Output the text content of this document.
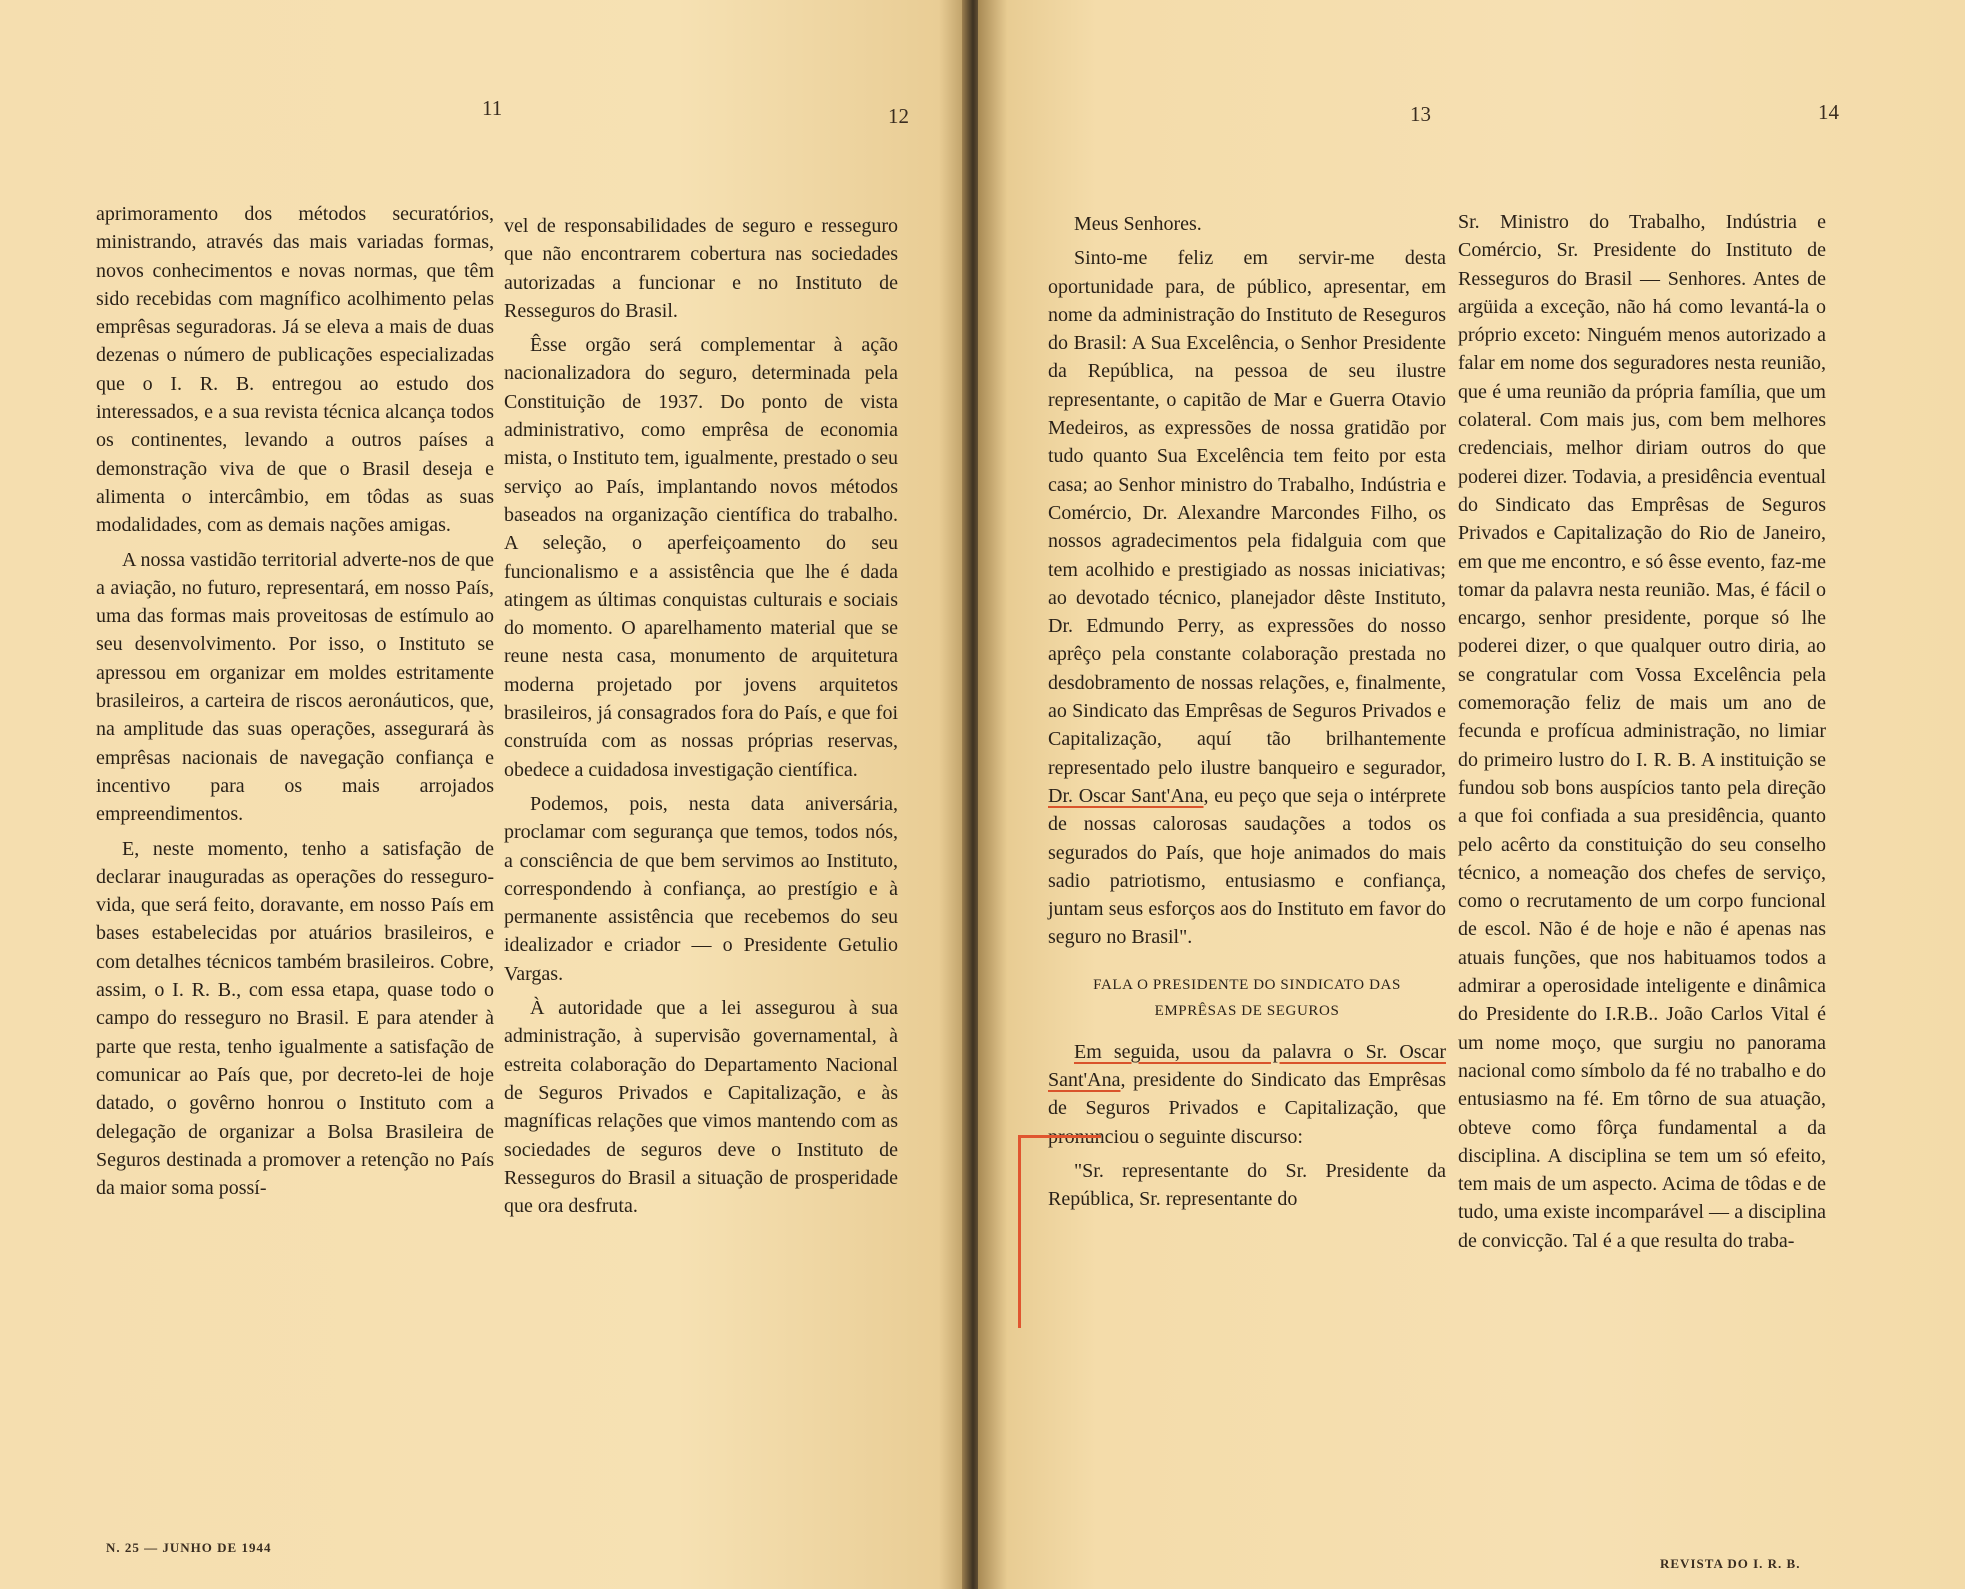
11	12

aprimoramento dos métodos securatórios, ministrando, através das mais variadas formas, novos conhecimentos e novas normas, que têm sido recebidas com magnífico acolhimento pelas emprêsas seguradoras. Já se eleva a mais de duas dezenas o número de publicações especializadas que o I. R. B. entregou ao estudo dos interessados, e a sua revista técnica alcança todos os continentes, levando a outros países a demonstração viva de que o Brasil deseja e alimenta o intercâmbio, em tôdas as suas modalidades, com as demais nações amigas.

A nossa vastidão territorial adverte-nos de que a aviação, no futuro, representará, em nosso País, uma das formas mais proveitosas de estímulo ao seu desenvolvimento. Por isso, o Instituto se apressou em organizar em moldes estritamente brasileiros, a carteira de riscos aeronáuticos, que, na amplitude das suas operações, assegurará às emprêsas nacionais de navegação confiança e incentivo para os mais arrojados empreendimentos.

E, neste momento, tenho a satisfação de declarar inauguradas as operações do resseguro-vida, que será feito, doravante, em nosso País em bases estabelecidas por atuários brasileiros, e com detalhes técnicos também brasileiros. Cobre, assim, o I. R. B., com essa etapa, quase todo o campo do resseguro no Brasil. E para atender à parte que resta, tenho igualmente a satisfação de comunicar ao País que, por decreto-lei de hoje datado, o govêrno honrou o Instituto com a delegação de organizar a Bolsa Brasileira de Seguros destinada a promover a retenção no País da maior soma possí-

vel de responsabilidades de seguro e resseguro que não encontrarem cobertura nas sociedades autorizadas a funcionar e no Instituto de Resseguros do Brasil.

Êsse orgão será complementar à ação nacionalizadora do seguro, determinada pela Constituição de 1937. Do ponto de vista administrativo, como emprêsa de economia mista, o Instituto tem, igualmente, prestado o seu serviço ao País, implantando novos métodos baseados na organização científica do trabalho. A seleção, o aperfeiçoamento do seu funcionalismo e a assistência que lhe é dada atingem as últimas conquistas culturais e sociais do momento. O aparelhamento material que se reune nesta casa, monumento de arquitetura moderna projetado por jovens arquitetos brasileiros, já consagrados fora do País, e que foi construída com as nossas próprias reservas, obedece a cuidadosa investigação científica.

Podemos, pois, nesta data aniversária, proclamar com segurança que temos, todos nós, a consciência de que bem servimos ao Instituto, correspondendo à confiança, ao prestígio e à permanente assistência que recebemos do seu idealizador e criador — o Presidente Getulio Vargas.

À autoridade que a lei assegurou à sua administração, à supervisão governamental, à estreita colaboração do Departamento Nacional de Seguros Privados e Capitalização, e às magníficas relações que vimos mantendo com as sociedades de seguros deve o Instituto de Resseguros do Brasil a situação de prosperidade que ora desfruta.

N. 25 — JUNHO DE 1944
13	14

Meus Senhores.

Sinto-me feliz em servir-me desta oportunidade para, de público, apresentar, em nome da administração do Instituto de Reseguros do Brasil: A Sua Excelência, o Senhor Presidente da República, na pessoa de seu ilustre representante, o capitão de Mar e Guerra Otavio Medeiros, as expressões de nossa gratidão por tudo quanto Sua Excelência tem feito por esta casa; ao Senhor ministro do Trabalho, Indústria e Comércio, Dr. Alexandre Marcondes Filho, os nossos agradecimentos pela fidalguia com que tem acolhido e prestigiado as nossas iniciativas; ao devotado técnico, planejador dêste Instituto, Dr. Edmundo Perry, as expressões do nosso aprêço pela constante colaboração prestada no desdobramento de nossas relações, e, finalmente, ao Sindicato das Emprêsas de Seguros Privados e Capitalização, aquí tão brilhantemente representado pelo ilustre banqueiro e segurador, Dr. Oscar Sant'Ana, eu peço que seja o intérprete de nossas calorosas saudações a todos os segurados do País, que hoje animados do mais sadio patriotismo, entusiasmo e confiança, juntam seus esforços aos do Instituto em favor do seguro no Brasil".

FALA O PRESIDENTE DO SINDICATO DAS
EMPRÊSAS DE SEGUROS

Em seguida, usou da palavra o Sr. Oscar Sant'Ana, presidente do Sindicato das Emprêsas de Seguros Privados e Capitalização, que pronunciou o seguinte discurso:

"Sr. representante do Sr. Presidente da República, Sr. representante do

Sr. Ministro do Trabalho, Indústria e Comércio, Sr. Presidente do Instituto de Resseguros do Brasil — Senhores. Antes de argüida a exceção, não há como levantá-la o próprio exceto: Ninguém menos autorizado a falar em nome dos seguradores nesta reunião, que é uma reunião da própria família, que um colateral. Com mais jus, com bem melhores credenciais, melhor diriam outros do que poderei dizer. Todavia, a presidência eventual do Sindicato das Emprêsas de Seguros Privados e Capitalização do Rio de Janeiro, em que me encontro, e só êsse evento, faz-me tomar da palavra nesta reunião. Mas, é fácil o encargo, senhor presidente, porque só lhe poderei dizer, o que qualquer outro diria, ao se congratular com Vossa Excelência pela comemoração feliz de mais um ano de fecunda e profícua administração, no limiar do primeiro lustro do I. R. B. A instituição se fundou sob bons auspícios tanto pela direção a que foi confiada a sua presidência, quanto pelo acêrto da constituição do seu conselho técnico, a nomeação dos chefes de serviço, como o recrutamento de um corpo funcional de escol. Não é de hoje e não é apenas nas atuais funções, que nos habituamos todos a admirar a operosidade inteligente e dinâmica do Presidente do I.R.B.. João Carlos Vital é um nome moço, que surgiu no panorama nacional como símbolo da fé no trabalho e do entusiasmo na fé. Em tôrno de sua atuação, obteve como fôrça fundamental a da disciplina. A disciplina se tem um só efeito, tem mais de um aspecto. Acima de tôdas e de tudo, uma existe incomparável — a disciplina de convicção. Tal é a que resulta do traba-

REVISTA DO I. R. B.
